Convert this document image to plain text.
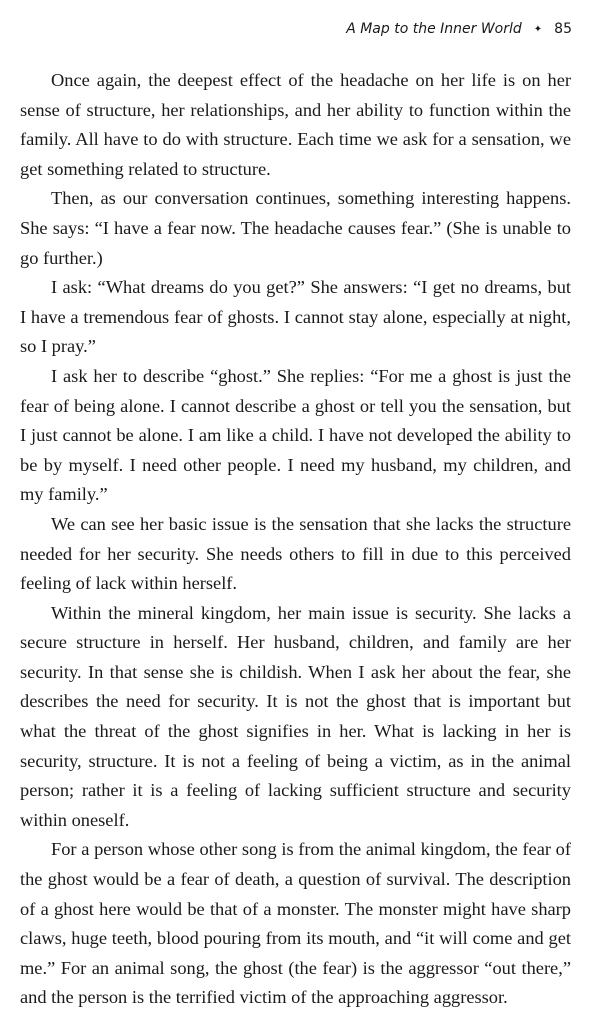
A Map to the Inner World ✦ 85

Once again, the deepest effect of the headache on her life is on her sense of structure, her relationships, and her ability to function within the family. All have to do with structure. Each time we ask for a sensation, we get something related to structure.

Then, as our conversation continues, something interesting happens. She says: “I have a fear now. The headache causes fear.” (She is unable to go further.)

I ask: “What dreams do you get?” She answers: “I get no dreams, but I have a tremendous fear of ghosts. I cannot stay alone, especially at night, so I pray.”

I ask her to describe “ghost.” She replies: “For me a ghost is just the fear of being alone. I cannot describe a ghost or tell you the sensation, but I just cannot be alone. I am like a child. I have not developed the ability to be by myself. I need other people. I need my husband, my children, and my family.”

We can see her basic issue is the sensation that she lacks the structure needed for her security. She needs others to fill in due to this perceived feeling of lack within herself.

Within the mineral kingdom, her main issue is security. She lacks a secure structure in herself. Her husband, children, and family are her security. In that sense she is childish. When I ask her about the fear, she describes the need for security. It is not the ghost that is important but what the threat of the ghost signifies in her. What is lacking in her is security, structure. It is not a feeling of being a victim, as in the animal person; rather it is a feeling of lacking sufficient structure and security within oneself.

For a person whose other song is from the animal kingdom, the fear of the ghost would be a fear of death, a question of survival. The description of a ghost here would be that of a monster. The monster might have sharp claws, huge teeth, blood pouring from its mouth, and “it will come and get me.” For an animal song, the ghost (the fear) is the aggressor “out there,” and the person is the terrified victim of the approaching aggressor.
